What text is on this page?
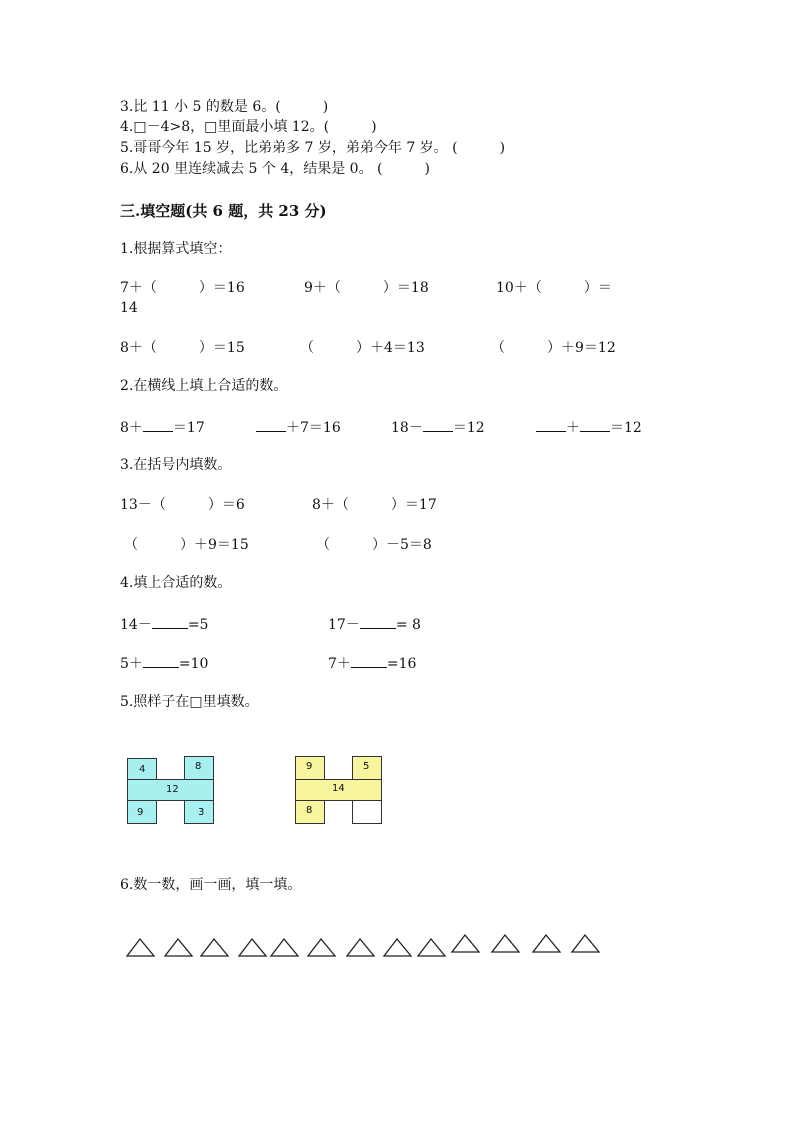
3.比 11 小 5 的数是 6。(　　　)
4.□－4>8，□里面最小填 12。(　　　)
5.哥哥今年 15 岁，比弟弟多 7 岁，弟弟今年 7 岁。 (　　　)
6.从 20 里连续减去 5 个 4，结果是 0。 (　　　)
三.填空题(共 6 题，共 23 分)
1.根据算式填空：
7＋（　　　）＝16	9＋（　　　）＝18	10＋（　　　）＝
14
8＋（　　　）＝15	（　　　）＋4＝13	（　　　）＋9＝12
2.在横线上填上合适的数。
8＋ ＝17	＋7＝16	18－ ＝12	＋ ＝12
3.在括号内填数。
13－（　　　）＝6	8＋（　　　）＝17
（　　　）＋9＝15	（　　　）－5＝8
4.填上合适的数。
14－	=5	17－	= 8
5＋	=10	7＋	=16
5.照样子在□里填数。
4	8
12
9	3
9	5
14
8
6.数一数，画一画，填一填。
